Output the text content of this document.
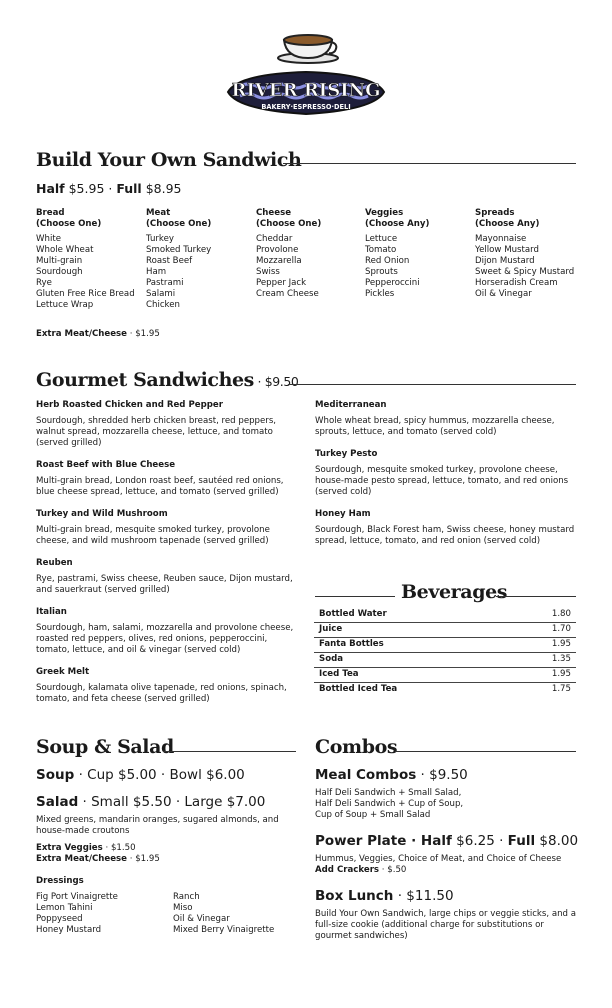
RIVER RISING
BAKERY·ESPRESSO·DELI
Build Your Own Sandwich
Half $5.95 · Full $8.95
Bread
(Choose One)
White
Whole Wheat
Multi-grain
Sourdough
Rye
Gluten Free Rice Bread
Lettuce Wrap
Meat
(Choose One)
Turkey
Smoked Turkey
Roast Beef
Ham
Pastrami
Salami
Chicken
Cheese
(Choose One)
Cheddar
Provolone
Mozzarella
Swiss
Pepper Jack
Cream Cheese
Veggies
(Choose Any)
Lettuce
Tomato
Red Onion
Sprouts
Pepperoccini
Pickles
Spreads
(Choose Any)
Mayonnaise
Yellow Mustard
Dijon Mustard
Sweet & Spicy Mustard
Horseradish Cream
Oil & Vinegar
Extra Meat/Cheese · $1.95
Gourmet Sandwiches · $9.50
Herb Roasted Chicken and Red Pepper
Sourdough, shredded herb chicken breast, red peppers, walnut spread, mozzarella cheese, lettuce, and tomato (served grilled)
Roast Beef with Blue Cheese
Multi-grain bread, London roast beef, sautéed red onions, blue cheese spread, lettuce, and tomato (served grilled)
Turkey and Wild Mushroom
Multi-grain bread, mesquite smoked turkey, provolone cheese, and wild mushroom tapenade (served grilled)
Reuben
Rye, pastrami, Swiss cheese, Reuben sauce, Dijon mustard, and sauerkraut (served grilled)
Italian
Sourdough, ham, salami, mozzarella and provolone cheese, roasted red peppers, olives, red onions, pepperoccini, tomato, lettuce, and oil & vinegar (served cold)
Greek Melt
Sourdough, kalamata olive tapenade, red onions, spinach, tomato, and feta cheese (served grilled)
Mediterranean
Whole wheat bread, spicy hummus, mozzarella cheese, sprouts, lettuce, and tomato (served cold)
Turkey Pesto
Sourdough, mesquite smoked turkey, provolone cheese, house-made pesto spread, lettuce, tomato, and red onions (served cold)
Honey Ham
Sourdough, Black Forest ham, Swiss cheese, honey mustard spread, lettuce, tomato, and red onion (served cold)
Beverages
Bottled Water	1.80
Juice	1.70
Fanta Bottles	1.95
Soda	1.35
Iced Tea	1.95
Bottled Iced Tea	1.75
Soup & Salad
Soup · Cup $5.00 · Bowl $6.00
Salad · Small $5.50 · Large $7.00
Mixed greens, mandarin oranges, sugared almonds, and house-made croutons
Extra Veggies · $1.50
Extra Meat/Cheese · $1.95
Dressings
Fig Port Vinaigrette
Lemon Tahini
Poppyseed
Honey Mustard
Ranch
Miso
Oil & Vinegar
Mixed Berry Vinaigrette
Combos
Meal Combos · $9.50
Half Deli Sandwich + Small Salad,
Half Deli Sandwich + Cup of Soup,
Cup of Soup + Small Salad
Power Plate · Half $6.25 · Full $8.00
Hummus, Veggies, Choice of Meat, and Choice of Cheese
Add Crackers · $.50
Box Lunch · $11.50
Build Your Own Sandwich, large chips or veggie sticks, and a full-size cookie (additional charge for substitutions or gourmet sandwiches)
